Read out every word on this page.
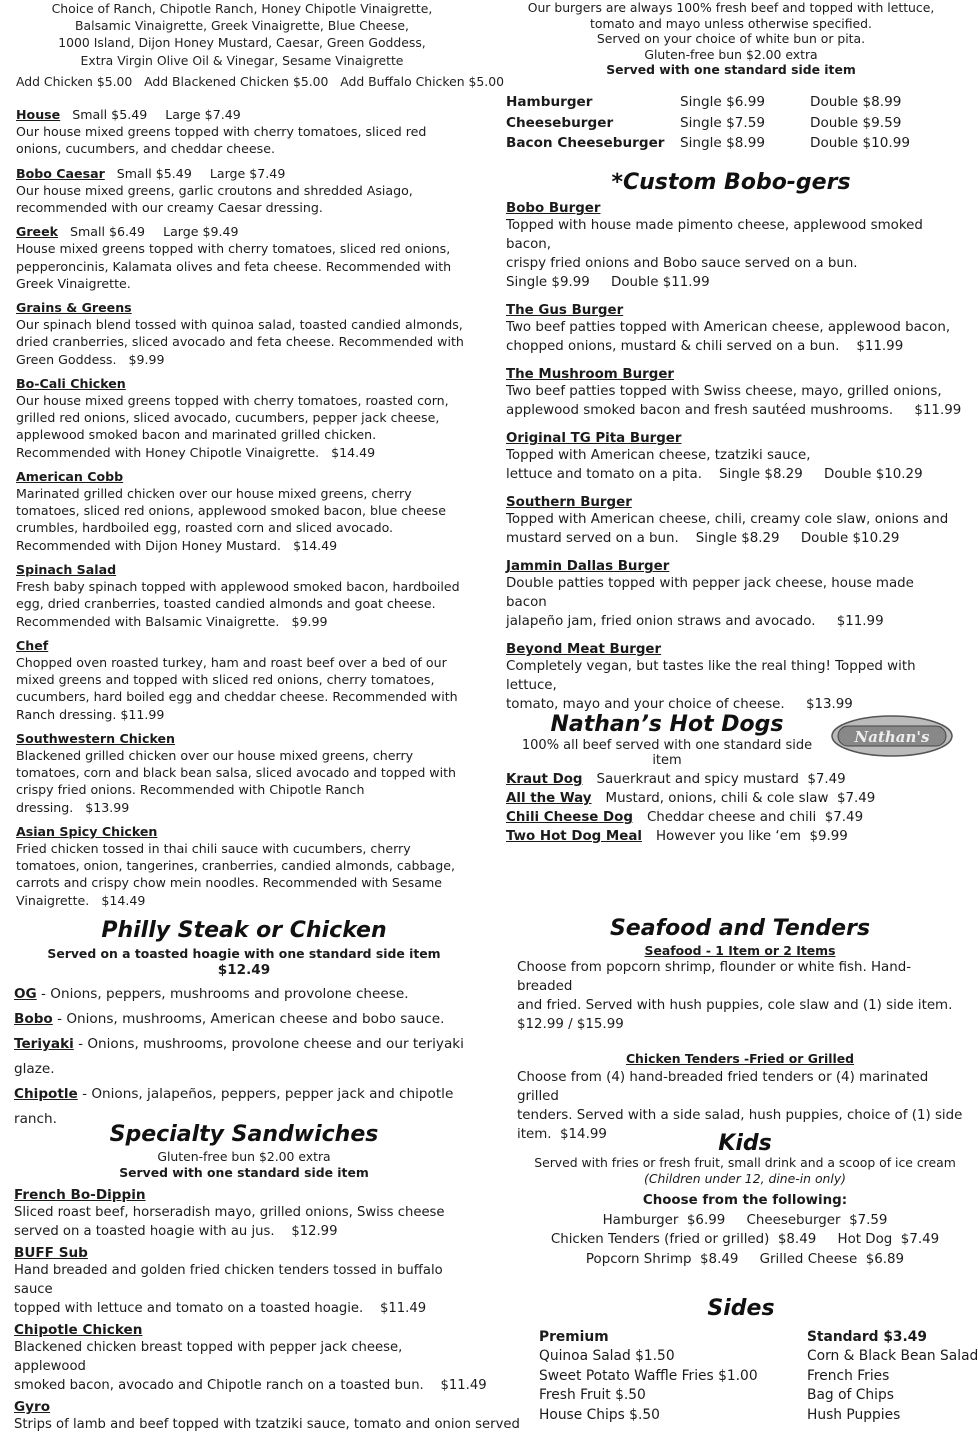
Choice of Ranch, Chipotle Ranch, Honey Chipotle Vinaigrette,
Balsamic Vinaigrette, Greek Vinaigrette, Blue Cheese,
1000 Island, Dijon Honey Mustard, Caesar, Green Goddess,
Extra Virgin Olive Oil & Vinegar, Sesame Vinaigrette
Add Chicken $5.00   Add Blackened Chicken $5.00   Add Buffalo Chicken $5.00
House Small $5.49 Large $7.49
Our house mixed greens topped with cherry tomatoes, sliced red onions, cucumbers, and cheddar cheese.
Bobo Caesar Small $5.49 Large $7.49
Our house mixed greens, garlic croutons and shredded Asiago, recommended with our creamy Caesar dressing.
Greek Small $6.49 Large $9.49
House mixed greens topped with cherry tomatoes, sliced red onions, pepperoncinis, Kalamata olives and feta cheese. Recommended with Greek Vinaigrette.
Grains & Greens
Our spinach blend tossed with quinoa salad, toasted candied almonds, dried cranberries, sliced avocado and feta cheese. Recommended with Green Goddess. $9.99
Bo-Cali Chicken
Our house mixed greens topped with cherry tomatoes, roasted corn, grilled red onions, sliced avocado, cucumbers, pepper jack cheese, applewood smoked bacon and marinated grilled chicken. Recommended with Honey Chipotle Vinaigrette. $14.49
American Cobb
Marinated grilled chicken over our house mixed greens, cherry tomatoes, sliced red onions, applewood smoked bacon, blue cheese crumbles, hardboiled egg, roasted corn and sliced avocado. Recommended with Dijon Honey Mustard. $14.49
Spinach Salad
Fresh baby spinach topped with applewood smoked bacon, hardboiled egg, dried cranberries, toasted candied almonds and goat cheese. Recommended with Balsamic Vinaigrette. $9.99
Chef
Chopped oven roasted turkey, ham and roast beef over a bed of our mixed greens and topped with sliced red onions, cherry tomatoes, cucumbers, hard boiled egg and cheddar cheese. Recommended with Ranch dressing. $11.99
Southwestern Chicken
Blackened grilled chicken over our house mixed greens, cherry tomatoes, corn and black bean salsa, sliced avocado and topped with crispy fried onions. Recommended with Chipotle Ranch dressing. $13.99
Asian Spicy Chicken
Fried chicken tossed in thai chili sauce with cucumbers, cherry tomatoes, onion, tangerines, cranberries, candied almonds, cabbage, carrots and crispy chow mein noodles. Recommended with Sesame Vinaigrette. $14.49
Our burgers are always 100% fresh beef and topped with lettuce,
tomato and mayo unless otherwise specified.
Served on your choice of white bun or pita.
Gluten-free bun $2.00 extra
Served with one standard side item
Hamburger	Single $6.99	Double $8.99
Cheeseburger	Single $7.59	Double $9.59
Bacon Cheeseburger	Single $8.99	Double $10.99
*Custom Bobo-gers
Bobo Burger
Topped with house made pimento cheese, applewood smoked bacon,
crispy fried onions and Bobo sauce served on a bun.
Single $9.99     Double $11.99
The Gus Burger
Two beef patties topped with American cheese, applewood bacon,
chopped onions, mustard & chili served on a bun.    $11.99
The Mushroom Burger
Two beef patties topped with Swiss cheese, mayo, grilled onions,
applewood smoked bacon and fresh sautéed mushrooms.     $11.99
Original TG Pita Burger
Topped with American cheese, tzatziki sauce,
lettuce and tomato on a pita.    Single $8.29     Double $10.29
Southern Burger
Topped with American cheese, chili, creamy cole slaw, onions and
mustard served on a bun.    Single $8.29     Double $10.29
Jammin Dallas Burger
Double patties topped with pepper jack cheese, house made bacon
jalapeño jam, fried onion straws and avocado.     $11.99
Beyond Meat Burger
Completely vegan, but tastes like the real thing! Topped with lettuce,
tomato, mayo and your choice of cheese.     $13.99
Nathan’s Hot Dogs
100% all beef served with one standard side item
Nathan's
Kraut Dog Sauerkraut and spicy mustard  $7.49
All the Way Mustard, onions, chili & cole slaw  $7.49
Chili Cheese Dog Cheddar cheese and chili  $7.49
Two Hot Dog Meal However you like ‘em  $9.99
Philly Steak or Chicken
Served on a toasted hoagie with one standard side item
$12.49
OG - Onions, peppers, mushrooms and provolone cheese.
Bobo - Onions, mushrooms, American cheese and bobo sauce.
Teriyaki - Onions, mushrooms, provolone cheese and our teriyaki glaze.
Chipotle - Onions, jalapeños, peppers, pepper jack and chipotle ranch.
Specialty Sandwiches
Gluten-free bun $2.00 extra
Served with one standard side item
French Bo-Dippin
Sliced roast beef, horseradish mayo, grilled onions, Swiss cheese
served on a toasted hoagie with au jus.    $12.99
BUFF Sub
Hand breaded and golden fried chicken tenders tossed in buffalo sauce
topped with lettuce and tomato on a toasted hoagie.    $11.49
Chipotle Chicken
Blackened chicken breast topped with pepper jack cheese, applewood
smoked bacon, avocado and Chipotle ranch on a toasted bun.    $11.49
Gyro
Strips of lamb and beef topped with tzatziki sauce, tomato and onion served
Seafood and Tenders
Seafood - 1 Item or 2 Items
Choose from popcorn shrimp, flounder or white fish. Hand-breaded
and fried. Served with hush puppies, cole slaw and (1) side item.
$12.99 / $15.99
Chicken Tenders -Fried or Grilled
Choose from (4) hand-breaded fried tenders or (4) marinated grilled
tenders. Served with a side salad, hush puppies, choice of (1) side
item.  $14.99	Kids
Served with fries or fresh fruit, small drink and a scoop of ice cream
(Children under 12, dine-in only)
Choose from the following:
Hamburger  $6.99     Cheeseburger  $7.59
Chicken Tenders (fried or grilled)  $8.49     Hot Dog  $7.49
Popcorn Shrimp  $8.49     Grilled Cheese  $6.89
Sides
Premium
Quinoa Salad $1.50
Sweet Potato Waffle Fries $1.00
Fresh Fruit $.50
House Chips $.50
Standard $3.49
Corn & Black Bean Salad
French Fries
Bag of Chips
Hush Puppies
